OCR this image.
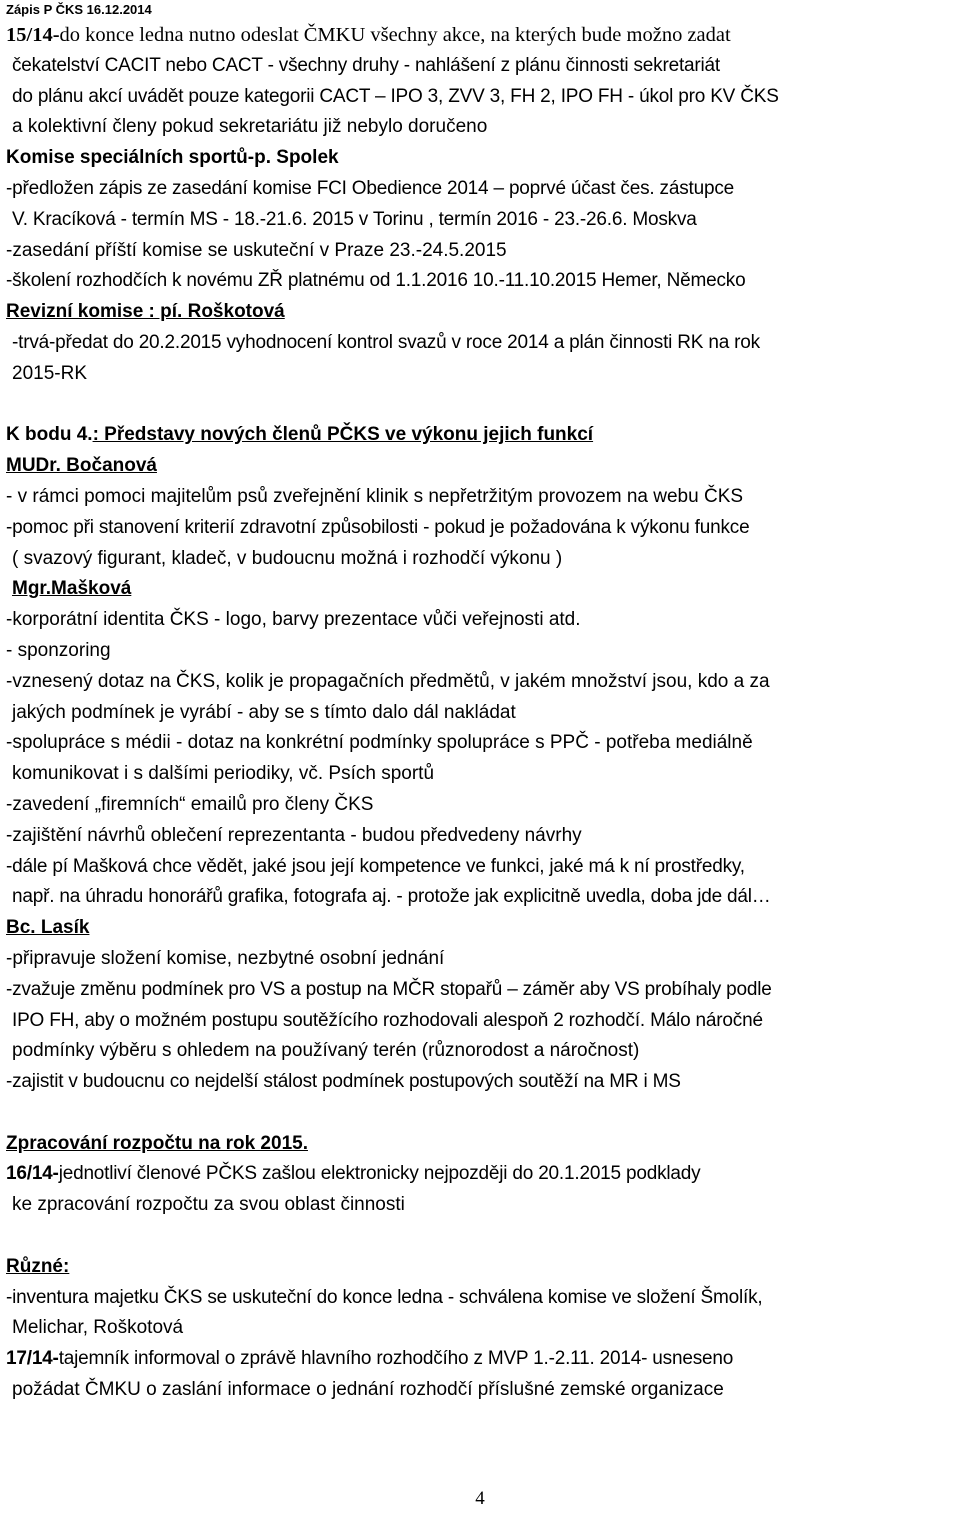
Zápis P ČKS 16.12.2014
15/14-do konce ledna nutno odeslat ČMKU všechny akce, na kterých bude možno zadat
čekatelství CACIT nebo CACT - všechny druhy - nahlášení z plánu činnosti sekretariát
do plánu akcí uvádět pouze kategorii CACT – IPO 3, ZVV 3, FH 2, IPO FH - úkol pro KV ČKS
a kolektivní členy pokud sekretariátu již nebylo doručeno
Komise speciálních sportů-p. Spolek
-předložen zápis ze zasedání komise FCI Obedience 2014 – poprvé účast čes. zástupce
V. Kracíková - termín MS - 18.-21.6. 2015 v Torinu , termín 2016 - 23.-26.6. Moskva
-zasedání příští komise se uskuteční v Praze 23.-24.5.2015
-školení rozhodčích k novému ZŘ platnému od 1.1.2016 10.-11.10.2015 Hemer, Německo
Revizní komise : pí. Roškotová
-trvá-předat do 20.2.2015 vyhodnocení kontrol svazů v roce 2014 a plán činnosti RK na rok
2015-RK
K bodu 4.: Představy nových členů PČKS ve výkonu jejich funkcí
MUDr. Bočanová
- v rámci pomoci majitelům psů zveřejnění klinik s nepřetržitým provozem na webu ČKS
-pomoc při stanovení kriterií zdravotní způsobilosti - pokud je požadována k výkonu funkce
( svazový figurant, kladeč, v budoucnu možná i rozhodčí výkonu )
Mgr.Mašková
-korporátní identita ČKS - logo, barvy prezentace vůči veřejnosti atd.
- sponzoring
-vznesený dotaz na ČKS, kolik je propagačních předmětů, v jakém množství jsou, kdo a za
jakých podmínek je vyrábí - aby se s tímto dalo dál nakládat
-spolupráce s médii - dotaz na konkrétní podmínky spolupráce s PPČ - potřeba mediálně
komunikovat i s dalšími periodiky, vč. Psích sportů
-zavedení „firemních“ emailů pro členy ČKS
-zajištění návrhů oblečení reprezentanta - budou předvedeny návrhy
-dále pí Mašková chce vědět, jaké jsou její kompetence ve funkci, jaké má k ní prostředky,
např. na úhradu honorářů grafika, fotografa aj. - protože jak explicitně uvedla, doba jde dál…
Bc. Lasík
-připravuje složení komise, nezbytné osobní jednání
-zvažuje změnu podmínek pro VS a postup na MČR stopařů – záměr aby VS probíhaly podle
IPO FH, aby o možném postupu soutěžícího rozhodovali alespoň 2 rozhodčí. Málo náročné
podmínky výběru s ohledem na používaný terén (různorodost a náročnost)
-zajistit v budoucnu co nejdelší stálost podmínek postupových soutěží na MR i MS
Zpracování rozpočtu na rok 2015.
16/14-jednotliví členové PČKS zašlou elektronicky nejpozději do 20.1.2015 podklady
ke zpracování rozpočtu za svou oblast činnosti
Různé:
-inventura majetku ČKS se uskuteční do konce ledna - schválena komise ve složení Šmolík,
Melichar, Roškotová
17/14-tajemník informoval o zprávě hlavního rozhodčího z MVP 1.-2.11. 2014- usneseno
požádat ČMKU o zaslání informace o jednání rozhodčí příslušné zemské organizace
4
